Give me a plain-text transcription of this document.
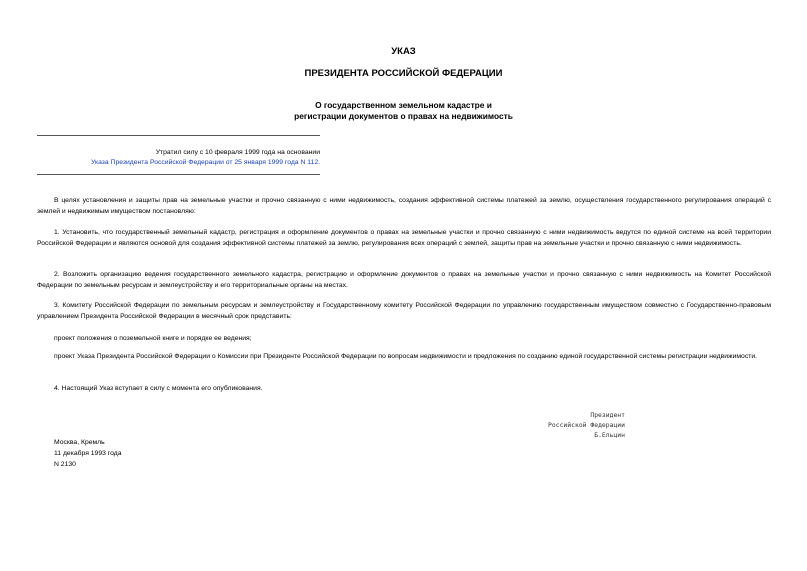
УКАЗ
ПРЕЗИДЕНТА РОССИЙСКОЙ ФЕДЕРАЦИИ
О государственном земельном кадастре и
регистрации документов о правах на недвижимость
Утратил силу с 10 февраля 1999 года на основании
Указа Президента Российской Федерации от 25 января 1999 года N 112.

В целях установления и защиты прав на земельные участки и прочно связанную с ними недвижимость, создания эффективной системы платежей за землю, осуществления государственного регулирования операций с землей и недвижимым имуществом постановляю:

1. Установить, что государственный земельный кадастр, регистрация и оформление документов о правах на земельные участки и прочно связанную с ними недвижимость ведутся по единой системе на всей территории Российской Федерации и являются основой для создания эффективной системы платежей за землю, регулирования всех операций с землей, защиты прав на земельные участки и прочно связанную с ними недвижимость.

2. Возложить организацию ведения государственного земельного кадастра, регистрацию и оформление документов о правах на земельные участки и прочно связанную с ними недвижимость на Комитет Российской Федерации по земельным ресурсам и землеустройству и его территориальные органы на местах.

3. Комитету Российской Федерации по земельным ресурсам и землеустройству и Государственному комитету Российской Федерации по управлению государственным имуществом совместно с Государственно-правовым управлением Президента Российской Федерации в месячный срок представить:

проект положения о поземельной книге и порядке ее ведения;

проект Указа Президента Российской Федерации о Комиссии при Президенте Российской Федерации по вопросам недвижимости и предложения по созданию единой государственной системы регистрации недвижимости.

4. Настоящий Указ вступает в силу с момента его опубликования.

Президент
Российской Федерации
Б.Ельцин
Москва, Кремль
11 декабря 1993 года
N 2130
